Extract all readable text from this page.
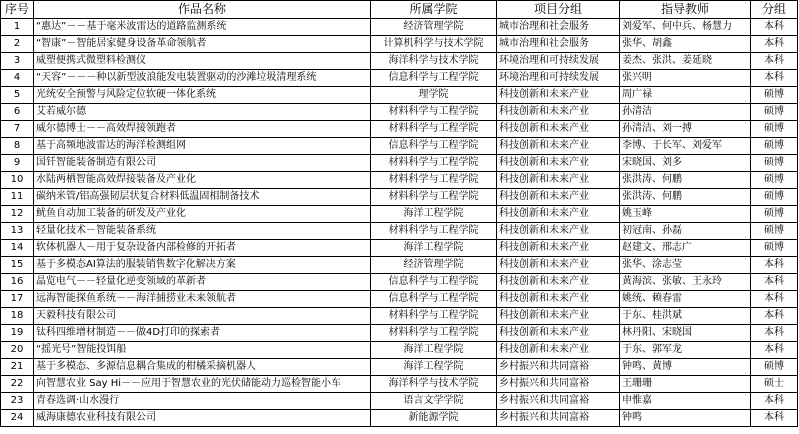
序号	作品名称	所属学院	项目分组	指导教师	分组
1	“惠达”－－基于毫米波雷达的道路监测系统	经济管理学院	城市治理和社会服务	刘爱军、何中兵、杨慧力	本科
2	“智康”－智能居家健身设备革命领航者	计算机科学与技术学院	城市治理和社会服务	张华、胡鑫	本科
3	威塑便携式微塑料检测仪	海洋科学与技术学院	环境治理和可持续发展	姜杰、张洪、姜延晓	本科
4	“天容”－－－种以新型波浪能发电装置驱动的沙滩垃圾清理系统	信息科学与工程学院	环境治理和可持续发展	张兴明	本科
5	光统安全预警与风险定位软硬一体化系统	理学院	科技创新和未来产业	周广禄	硕博
6	艾若威尔德	材料科学与工程学院	科技创新和未来产业	孙清洁	硕博
7	威尔德博士－－高效焊接领跑者	材料科学与工程学院	科技创新和未来产业	孙清洁、刘一搏	硕博
8	基于高频地波雷达的海洋检测组网	信息科学与工程学院	科技创新和未来产业	李博、于长军、刘爱军	硕博
9	国钎智能装备制造有限公司	材料科学与工程学院	科技创新和未来产业	宋晓国、刘多	硕博
10	水陆两栖智能高效焊接装备及产业化	材料科学与工程学院	科技创新和未来产业	张洪涛、何鹏	硕博
11	碳纳米管/铝高强韧层状复合材料低温固相制备技术	材料科学与工程学院	科技创新和未来产业	张洪涛、何鹏	硕博
12	鱿鱼自动加工装备的研发及产业化	海洋工程学院	科技创新和未来产业	姚玉峰	硕博
13	轻量化技术－智能装备系统	材料科学与工程学院	科技创新和未来产业	初冠南、孙磊	硕博
14	软体机器人－用于复杂设备内部检修的开拓者	海洋工程学院	科技创新和未来产业	赵建文、邢志广	硕博
15	基于多模态AI算法的服装销售数字化解决方案	经济管理学院	科技创新和未来产业	张华、涂志莹	本科
16	晶览电气－－轻量化逆变领域的革新者	信息科学与工程学院	科技创新和未来产业	黄海滨、张敏、王永玲	本科
17	远海智能探鱼系统－－海洋捕捞业未来领航者	信息科学与工程学院	科技创新和未来产业	姚统、赖春雷	本科
18	天毅科技有限公司	材料科学与工程学院	科技创新和未来产业	于东、桂洪斌	本科
19	钛科四维增材制造－－做4D打印的探索者	材料科学与工程学院	科技创新和未来产业	林丹阳、宋晓国	本科
20	“摇光号”智能投饵船	海洋工程学院	科技创新和未来产业	于东、郭军龙	本科
21	基于多模态、多源信息耦合集成的柑橘采摘机器人	海洋工程学院	乡村振兴和共同富裕	钟鸣、黄博	硕博
22	向智慧农业 Say Hi－－应用于智慧农业的光伏储能动力巡检智能小车	海洋科学与技术学院	乡村振兴和共同富裕	王珊珊	硕士
23	青春选调·山水漫行	语言文学学院	乡村振兴和共同富裕	申惟嘉	本科
24	威海康德农业科技有限公司	新能源学院	乡村振兴和共同富裕	钟鸣	本科
